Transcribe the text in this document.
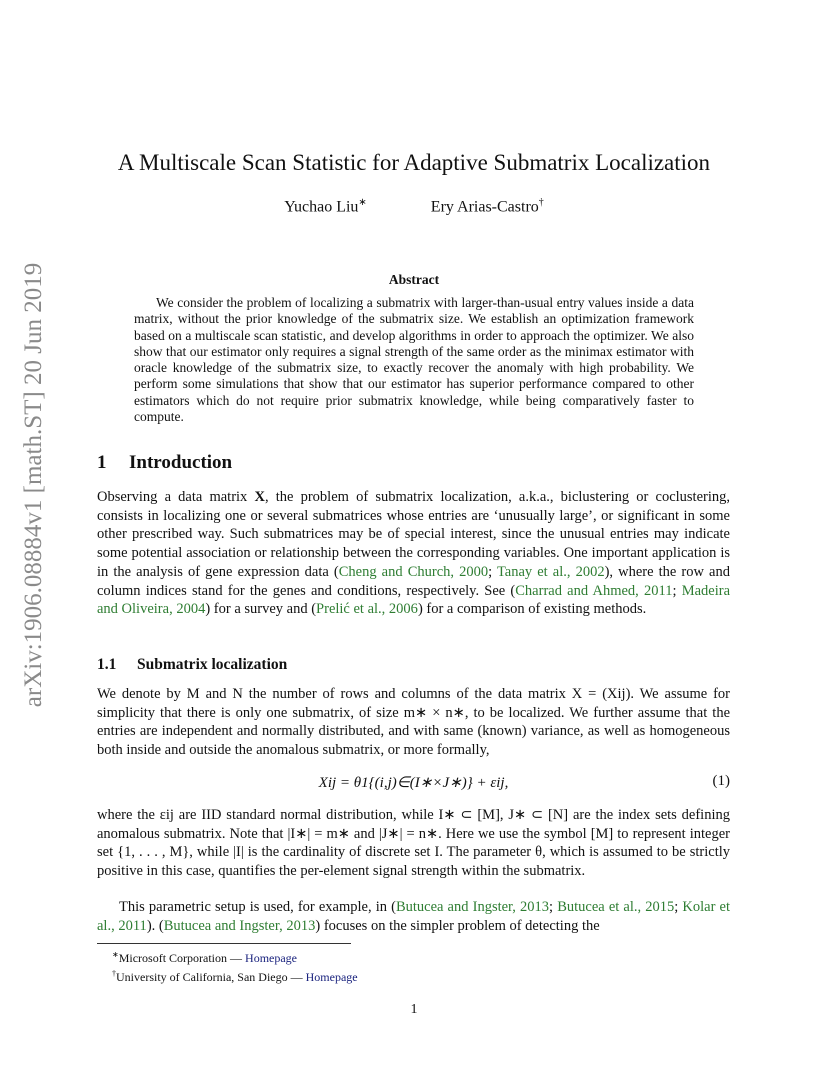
arXiv:1906.08884v1 [math.ST] 20 Jun 2019
A Multiscale Scan Statistic for Adaptive Submatrix Localization
Yuchao Liu∗	Ery Arias-Castro†
Abstract

We consider the problem of localizing a submatrix with larger-than-usual entry values inside a data matrix, without the prior knowledge of the submatrix size. We establish an optimization framework based on a multiscale scan statistic, and develop algorithms in order to approach the optimizer. We also show that our estimator only requires a signal strength of the same order as the minimax estimator with oracle knowledge of the submatrix size, to exactly recover the anomaly with high probability. We perform some simulations that show that our estimator has superior performance compared to other estimators which do not require prior submatrix knowledge, while being comparatively faster to compute.

1 Introduction

Observing a data matrix X, the problem of submatrix localization, a.k.a., biclustering or coclustering, consists in localizing one or several submatrices whose entries are ‘unusually large’, or significant in some other prescribed way. Such submatrices may be of special interest, since the unusual entries may indicate some potential association or relationship between the corresponding variables. One important application is in the analysis of gene expression data (Cheng and Church, 2000; Tanay et al., 2002), where the row and column indices stand for the genes and conditions, respectively. See (Charrad and Ahmed, 2011; Madeira and Oliveira, 2004) for a survey and (Prelić et al., 2006) for a comparison of existing methods.

1.1 Submatrix localization

We denote by M and N the number of rows and columns of the data matrix X = (Xij). We assume for simplicity that there is only one submatrix, of size m∗ × n∗, to be localized. We further assume that the entries are independent and normally distributed, and with same (known) variance, as well as homogeneous both inside and outside the anomalous submatrix, or more formally,

Xij = θ1{(i,j)∈(I∗×J∗)} + εij,	(1)

where the εij are IID standard normal distribution, while I∗ ⊂ [M], J∗ ⊂ [N] are the index sets defining anomalous submatrix. Note that |I∗| = m∗ and |J∗| = n∗. Here we use the symbol [M] to represent integer set {1, . . . , M}, while |I| is the cardinality of discrete set I. The parameter θ, which is assumed to be strictly positive in this case, quantifies the per-element signal strength within the submatrix.

This parametric setup is used, for example, in (Butucea and Ingster, 2013; Butucea et al., 2015; Kolar et al., 2011). (Butucea and Ingster, 2013) focuses on the simpler problem of detecting the

∗Microsoft Corporation — Homepage
†University of California, San Diego — Homepage
1
